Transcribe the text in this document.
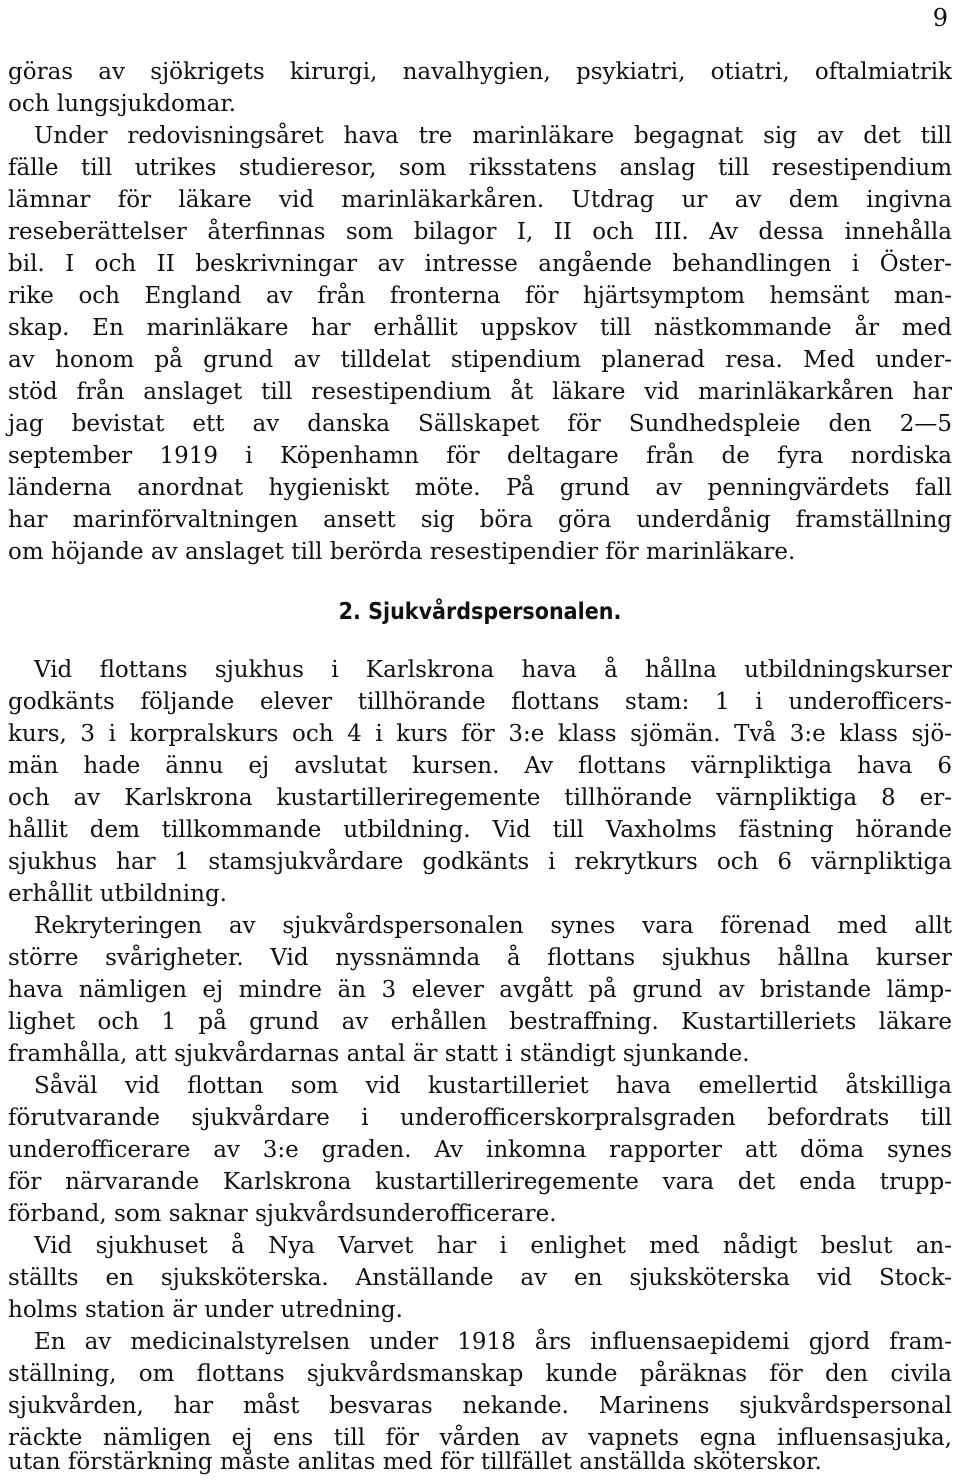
9
göras av sjökrigets kirurgi, navalhygien, psykiatri, otiatri, oftalmiatrik
och lungsjukdomar.
Under redovisningsåret hava tre marinläkare begagnat sig av det till
fälle till utrikes studieresor, som riksstatens anslag till resestipendium
lämnar för läkare vid marinläkarkåren. Utdrag ur av dem ingivna
reseberättelser återfinnas som bilagor I, II och III. Av dessa innehålla
bil. I och II beskrivningar av intresse angående behandlingen i Öster-
rike och England av från fronterna för hjärtsymptom hemsänt man-
skap. En marinläkare har erhållit uppskov till nästkommande år med
av honom på grund av tilldelat stipendium planerad resa. Med under-
stöd från anslaget till resestipendium åt läkare vid marinläkarkåren har
jag bevistat ett av danska Sällskapet för Sundhedspleie den 2—5
september 1919 i Köpenhamn för deltagare från de fyra nordiska
länderna anordnat hygieniskt möte. På grund av penningvärdets fall
har marinförvaltningen ansett sig böra göra underdånig framställning
om höjande av anslaget till berörda resestipendier för marinläkare.
2. Sjukvårdspersonalen.
Vid flottans sjukhus i Karlskrona hava å hållna utbildningskurser
godkänts följande elever tillhörande flottans stam: 1 i underofficers-
kurs, 3 i korpralskurs och 4 i kurs för 3:e klass sjömän. Två 3:e klass sjö-
män hade ännu ej avslutat kursen. Av flottans värnpliktiga hava 6
och av Karlskrona kustartilleriregemente tillhörande värnpliktiga 8 er-
hållit dem tillkommande utbildning. Vid till Vaxholms fästning hörande
sjukhus har 1 stamsjukvårdare godkänts i rekrytkurs och 6 värnpliktiga
erhållit utbildning.
Rekryteringen av sjukvårdspersonalen synes vara förenad med allt
större svårigheter. Vid nyssnämnda å flottans sjukhus hållna kurser
hava nämligen ej mindre än 3 elever avgått på grund av bristande lämp-
lighet och 1 på grund av erhållen bestraffning. Kustartilleriets läkare
framhålla, att sjukvårdarnas antal är statt i ständigt sjunkande.
Såväl vid flottan som vid kustartilleriet hava emellertid åtskilliga
förutvarande sjukvårdare i underofficerskorpralsgraden befordrats till
underofficerare av 3:e graden. Av inkomna rapporter att döma synes
för närvarande Karlskrona kustartilleriregemente vara det enda trupp-
förband, som saknar sjukvårdsunderofficerare.
Vid sjukhuset å Nya Varvet har i enlighet med nådigt beslut an-
ställts en sjuksköterska. Anställande av en sjuksköterska vid Stock-
holms station är under utredning.
En av medicinalstyrelsen under 1918 års influensaepidemi gjord fram-
ställning, om flottans sjukvårdsmanskap kunde påräknas för den civila
sjukvården, har måst besvaras nekande. Marinens sjukvårdspersonal
räckte nämligen ej ens till för vården av vapnets egna influensasjuka,
utan förstärkning måste anlitas med för tillfället anställda sköterskor.
